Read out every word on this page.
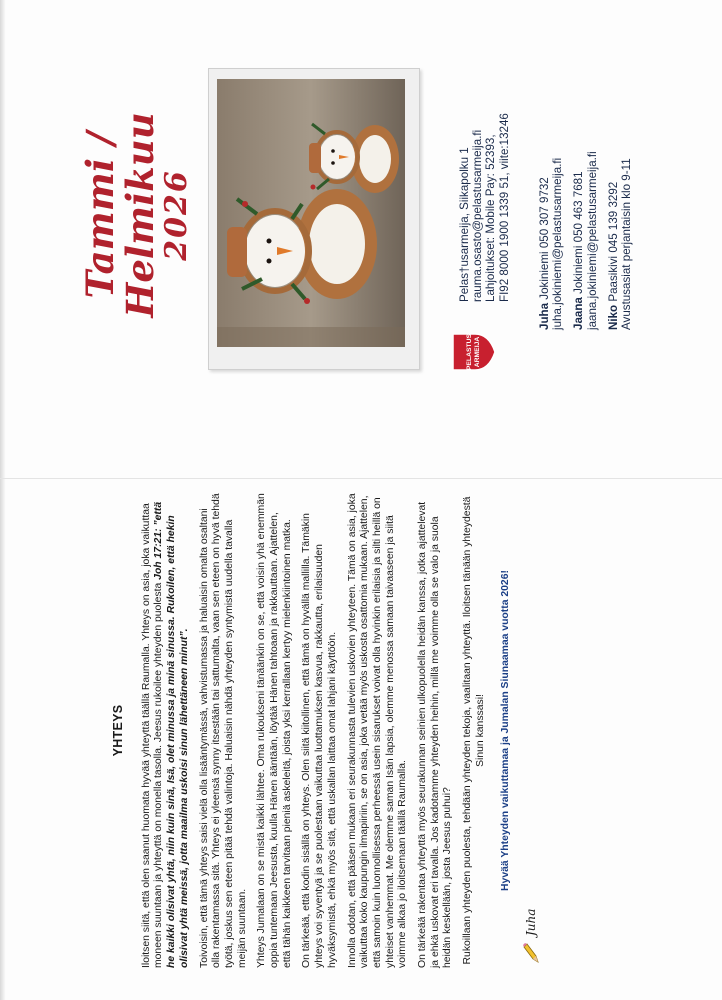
YHTEYS Iloitsen siitä, että olen saanut huomata hyvää yhteyttä täällä Raumalla. Yhteys on asia, joka vaikuttaa moneen suuntaan ja yhteyttä on monella tasolla. Jeesus rukoilee yhteyden puolesta Joh 17:21: ”että he kaikki olisivat yhtä, niin kuin sinä, Isä, olet minussa ja minä sinussa. Rukoilen, että hekin olisivat yhtä meissä, jotta maailma uskoisi sinun lähettäneen minut”. Toivoisin, että tämä yhteys saisi vielä olla lisääntymässä, vahvistumassa ja haluaisin omalta osaltani olla rakentamassa sitä. Yhteys ei yleensä synny itsestään tai sattumalta, vaan sen eteen on hyvä tehdä työtä, joskus sen eteen pitää tehdä valintoja. Haluaisin nähdä yhteyden syntymistä uudella tavalla meijän suuntaan. Yhteys Jumalaan on se mistä kaikki lähtee. Oma rukoukseni tänäänkin on se, että voisin yhä enemmän oppia tuntemaan Jeesusta, kuulla Hänen ääntään, löytää Hänen tahtoaan ja rakkauttaan. Ajattelen, että tähän kaikkeen tarvitaan pieniä askeleitä, joista yksi kerrallaan kertyy mielenkiintoinen matka. On tärkeää, että kodin sisällä on yhteys. Olen siitä kiitollinen, että tämä on hyvällä mallilla. Tämäkin yhteys voi syventyä ja se puolestaan vaikuttaa luottamuksen kasvua, rakkautta, erilaisuuden hyväksymistä, ehkä myös sitä, että uskallan laittaa omat lahjani käyttöön. Innolla odotan, että pääsen mukaan eri seurakunnasta tulevien uskovien yhteyteen. Tämä on asia, joka vaikuttaa koko kaupungin ilmapiiriin, se on asia, joka vetää myös uskosta osattomia mukaan. Ajattelen, että samoin kuin luonnollisessa perheessä usein sisarukset voivat olla hyvinkin erilaisia ja silti heillä on yhteiset vanhemmat. Me olemme saman Isän lapsia, olemme menossa samaan taivaaseen ja siitä voimme alkaa jo iloitsemaan täällä Raumalla. On tärkeää rakentaa yhteyttä myös seurakunnan seinien ulkopuolella heidän kanssa, jotka ajattelevat ja ehkä uskovat eri tavalla. Jos kadotamme yhteyden heihin, millä me voimme olla se valo ja suola heidän keskellään, josta Jeesus puhui? Rukoillaan yhteyden puolesta, tehdään yhteyden tekoja, vaalitaan yhteyttä. Iloitsen tänään yhteydestä Sinun kanssasi! Hyvää Yhteyden vaikuttamaa ja Jumalan Siunaamaa vuotta 2026!

Juha
Tammi / Helmikuu
2026
PELASTUS ARMEIJA
Pelas†usarmeija, Siikapolku 1 rauma.osasto@pelastusarmeija.fi Lahjoitukset: Mobile Pay: 52393, FI92 8000 1900 1339 51, viite:13246
Juha Jokiniemi 050 307 9732 juha.jokiniemi@pelastusarmeija.fi Jaana Jokiniemi 050 463 7681 jaana.jokiniemi@pelastusarmeija.fi Niko Paasikivi 045 139 3292 Avustusasiat perjantaisin klo 9-11
